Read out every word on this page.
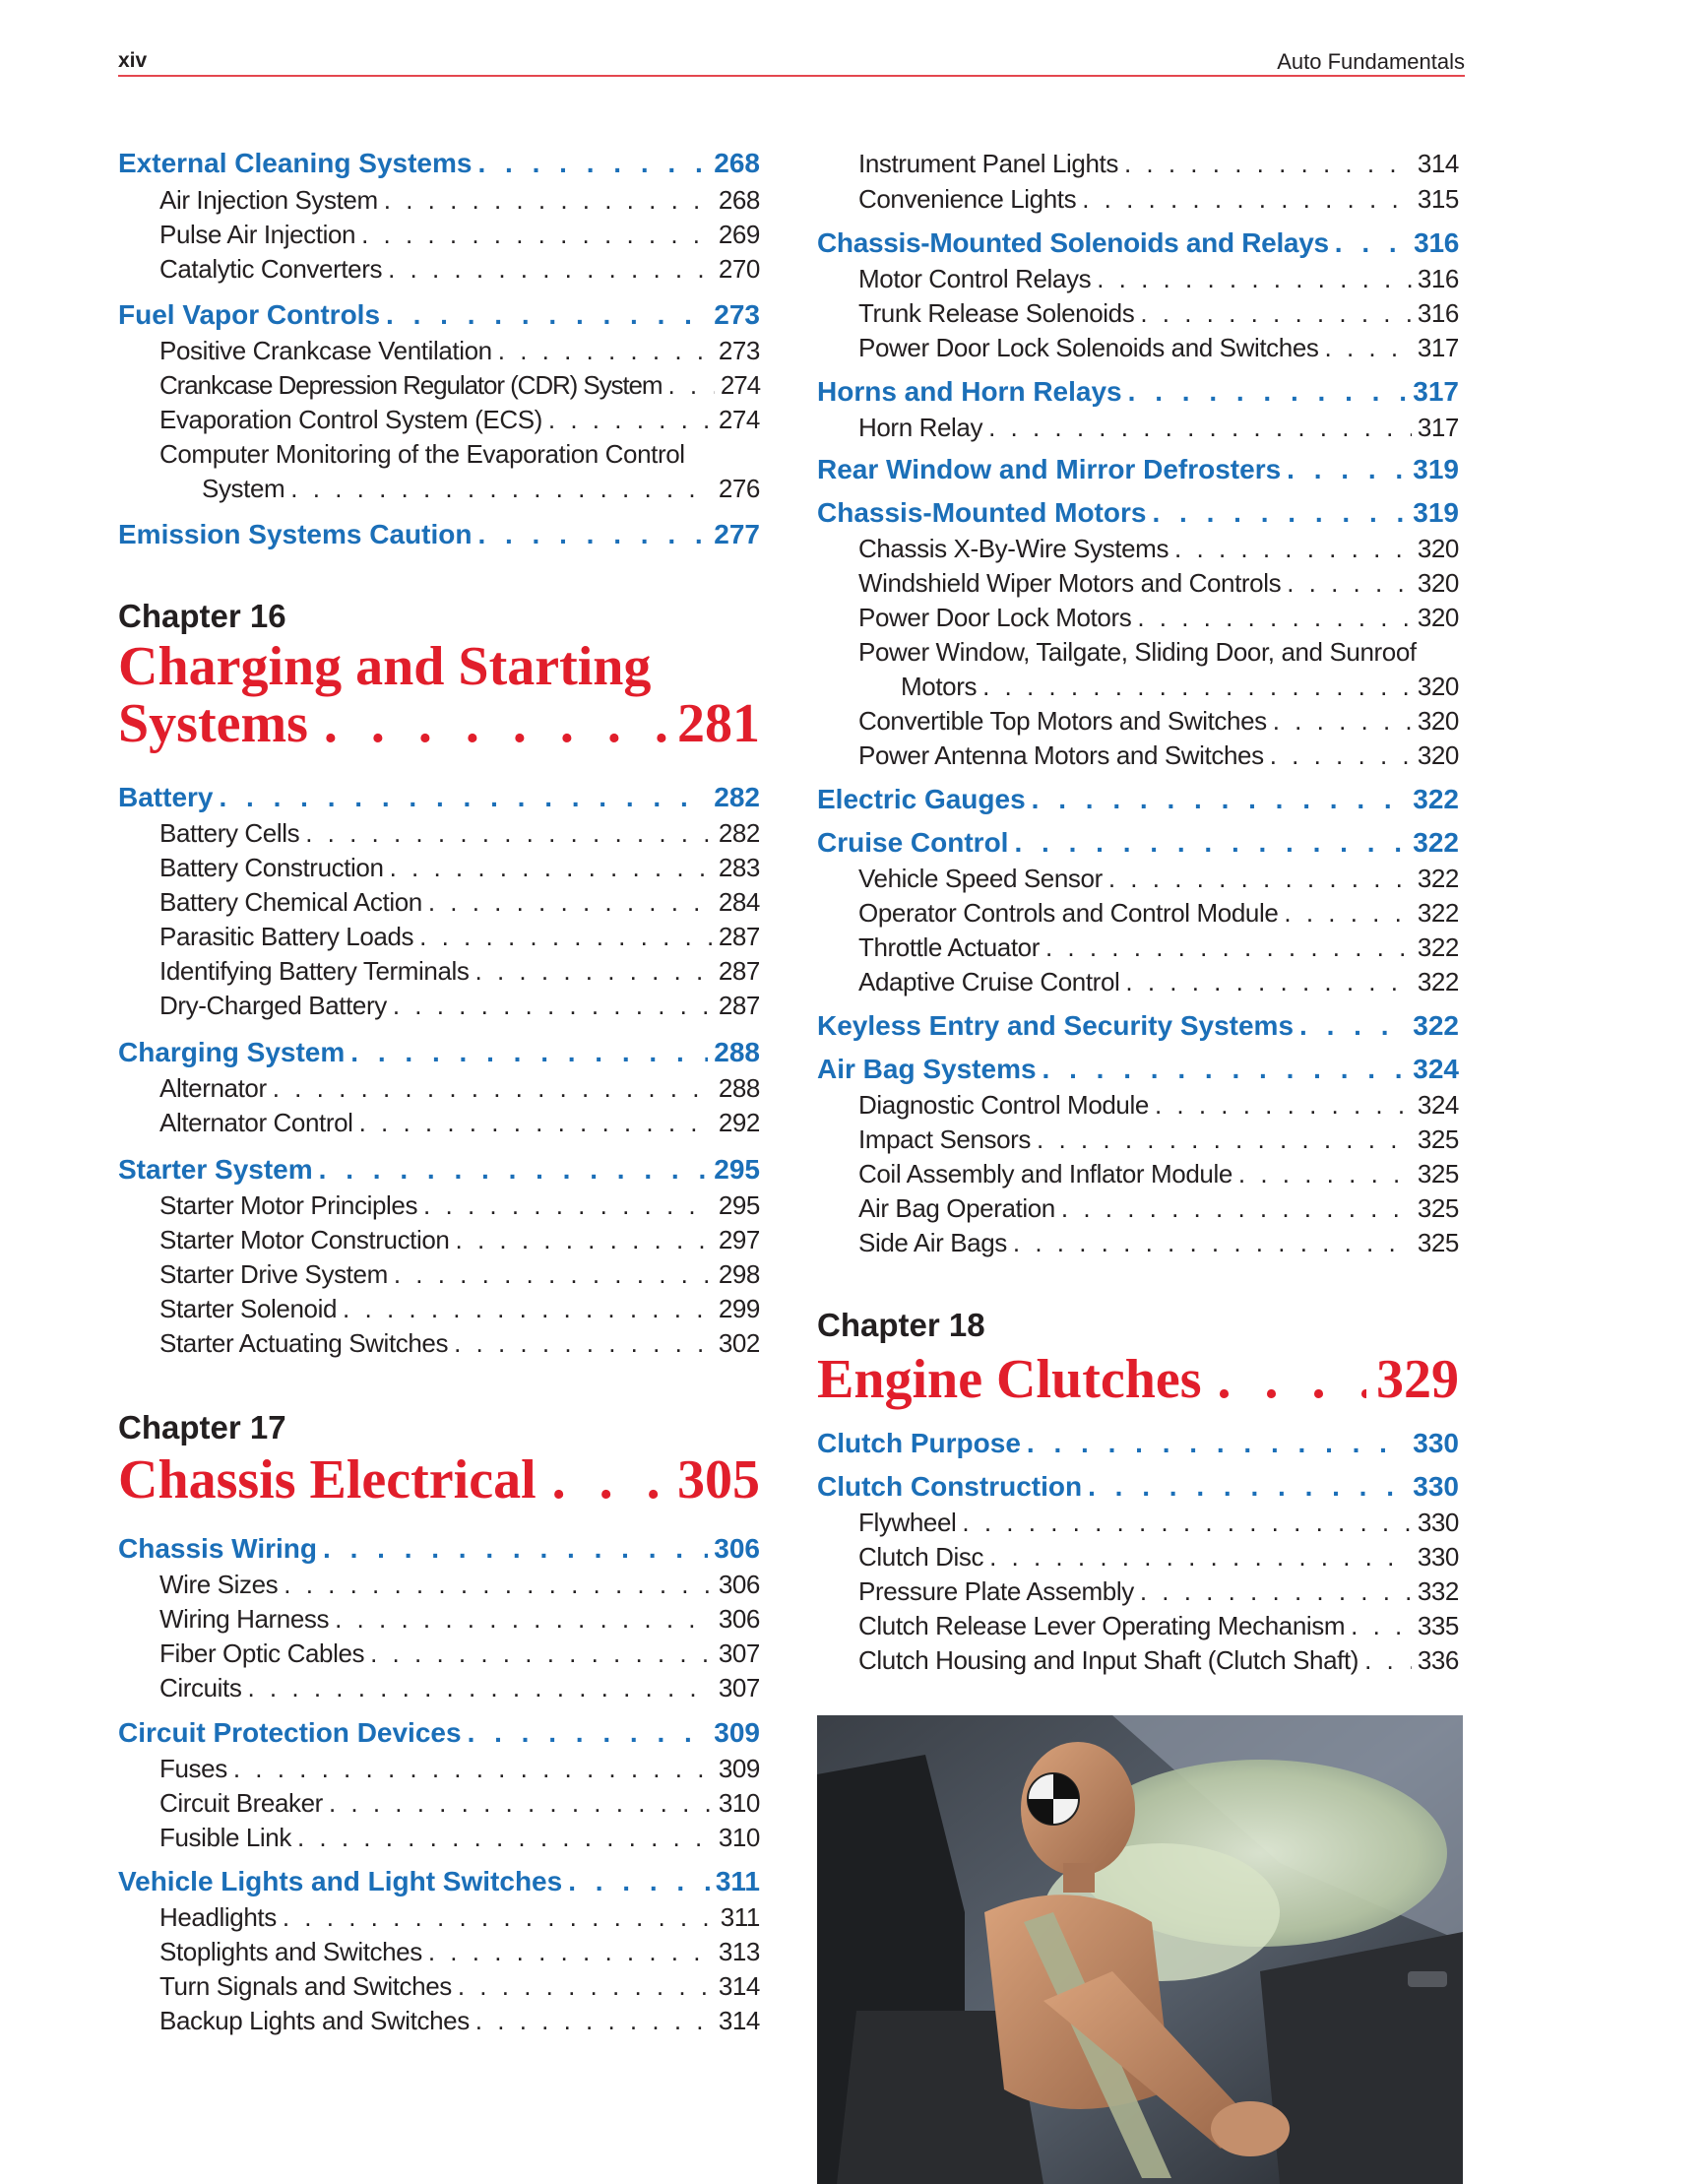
xiv	Auto Fundamentals
External Cleaning Systems . . .	268
Air Injection System . . .	268
Pulse Air Injection . . .	269
Catalytic Converters . . .	270
Fuel Vapor Controls . . .	273
Positive Crankcase Ventilation . . .	273
Crankcase Depression Regulator (CDR) System . . . 274
Evaporation Control System (ECS) . . .	274
Computer Monitoring of the Evaporation Control
System . . .	276
Emission Systems Caution . . .	277
Chapter 16
Charging and Starting
Systems . . .	281
Battery . . .	282
Battery Cells . . .	282
Battery Construction . . .	283
Battery Chemical Action . . .	284
Parasitic Battery Loads . . .	287
Identifying Battery Terminals . . .	287
Dry-Charged Battery . . .	287
Charging System . . .	288
Alternator . . .	288
Alternator Control . . .	292
Starter System . . .	295
Starter Motor Principles . . .	295
Starter Motor Construction . . .	297
Starter Drive System . . .	298
Starter Solenoid . . .	299
Starter Actuating Switches . . .	302
Chapter 17
Chassis Electrical . . .	305
Chassis Wiring . . .	306
Wire Sizes . . .	306
Wiring Harness . . .	306
Fiber Optic Cables . . .	307
Circuits . . .	307
Circuit Protection Devices . . .	309
Fuses . . .	309
Circuit Breaker . . .	310
Fusible Link . . .	310
Vehicle Lights and Light Switches . . .	311
Headlights . . .	311
Stoplights and Switches . . .	313
Turn Signals and Switches . . .	314
Backup Lights and Switches . . .	314
Instrument Panel Lights . . .	314
Convenience Lights . . .	315
Chassis-Mounted Solenoids and Relays . . .	316
Motor Control Relays . . .	316
Trunk Release Solenoids . . .	316
Power Door Lock Solenoids and Switches . . .	317
Horns and Horn Relays . . .	317
Horn Relay . . .	317
Rear Window and Mirror Defrosters . . .	319
Chassis-Mounted Motors . . .	319
Chassis X-By-Wire Systems . . .	320
Windshield Wiper Motors and Controls . . .	320
Power Door Lock Motors . . .	320
Power Window, Tailgate, Sliding Door, and Sunroof
Motors . . .	320
Convertible Top Motors and Switches . . .	320
Power Antenna Motors and Switches . . .	320
Electric Gauges . . .	322
Cruise Control . . .	322
Vehicle Speed Sensor . . .	322
Operator Controls and Control Module . . .	322
Throttle Actuator . . .	322
Adaptive Cruise Control . . .	322
Keyless Entry and Security Systems . . .	322
Air Bag Systems . . .	324
Diagnostic Control Module . . .	324
Impact Sensors . . .	325
Coil Assembly and Inflator Module . . .	325
Air Bag Operation . . .	325
Side Air Bags . . .	325
Chapter 18
Engine Clutches . . .	329
Clutch Purpose . . .	330
Clutch Construction . . .	330
Flywheel . . .	330
Clutch Disc . . .	330
Pressure Plate Assembly . . .	332
Clutch Release Lever Operating Mechanism . . .	335
Clutch Housing and Input Shaft (Clutch Shaft) . . . 336
